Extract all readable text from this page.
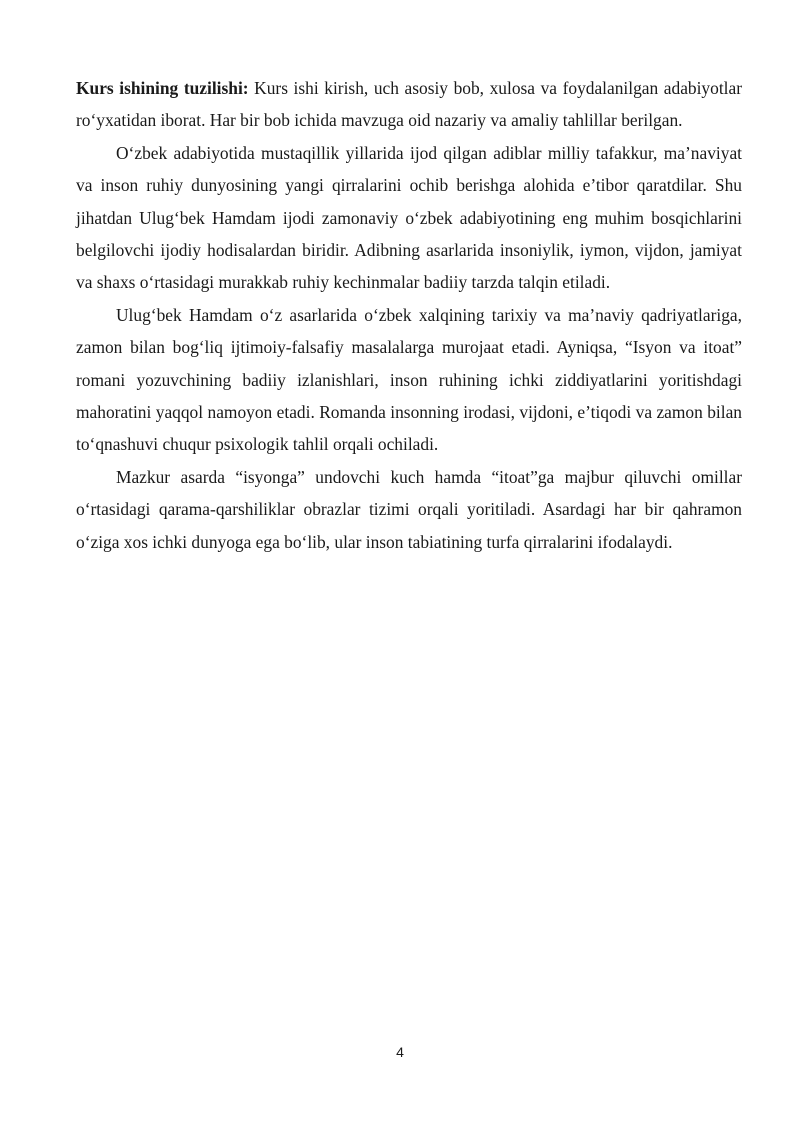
Kurs ishining tuzilishi: Kurs ishi kirish, uch asosiy bob, xulosa va foydalanilgan adabiyotlar ro‘yxatidan iborat. Har bir bob ichida mavzuga oid nazariy va amaliy tahlillar berilgan.

O‘zbek adabiyotida mustaqillik yillarida ijod qilgan adiblar milliy tafakkur, ma’naviyat va inson ruhiy dunyosining yangi qirralarini ochib berishga alohida e’tibor qaratdilar. Shu jihatdan Ulug‘bek Hamdam ijodi zamonaviy o‘zbek adabiyotining eng muhim bosqichlarini belgilovchi ijodiy hodisalardan biridir. Adibning asarlarida insoniylik, iymon, vijdon, jamiyat va shaxs o‘rtasidagi murakkab ruhiy kechinmalar badiiy tarzda talqin etiladi.

Ulug‘bek Hamdam o‘z asarlarida o‘zbek xalqining tarixiy va ma’naviy qadriyatlariga, zamon bilan bog‘liq ijtimoiy-falsafiy masalalarga murojaat etadi. Ayniqsa, “Isyon va itoat” romani yozuvchining badiiy izlanishlari, inson ruhining ichki ziddiyatlarini yoritishdagi mahoratini yaqqol namoyon etadi. Romanda insonning irodasi, vijdoni, e’tiqodi va zamon bilan to‘qnashuvi chuqur psixologik tahlil orqali ochiladi.

Mazkur asarda “isyonga” undovchi kuch hamda “itoat”ga majbur qiluvchi omillar o‘rtasidagi qarama-qarshiliklar obrazlar tizimi orqali yoritiladi. Asardagi har bir qahramon o‘ziga xos ichki dunyoga ega bo‘lib, ular inson tabiatining turfa qirralarini ifodalaydi.

4
